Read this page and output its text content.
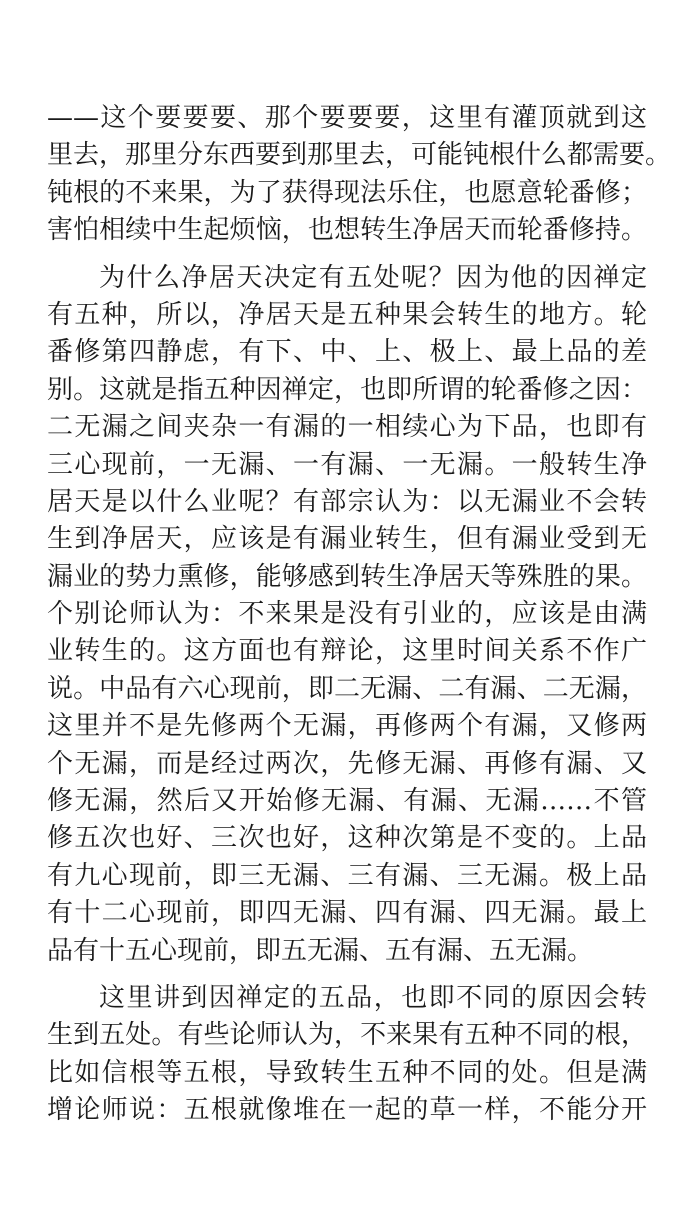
——这个要要要、那个要要要，这里有灌顶就到这
里去，那里分东西要到那里去，可能钝根什么都需要。
钝根的不来果，为了获得现法乐住，也愿意轮番修；
害怕相续中生起烦恼，也想转生净居天而轮番修持。
为什么净居天决定有五处呢？因为他的因禅定
有五种，所以，净居天是五种果会转生的地方。轮
番修第四静虑，有下、中、上、极上、最上品的差
别。这就是指五种因禅定，也即所谓的轮番修之因：
二无漏之间夹杂一有漏的一相续心为下品，也即有
三心现前，一无漏、一有漏、一无漏。一般转生净
居天是以什么业呢？有部宗认为：以无漏业不会转
生到净居天，应该是有漏业转生，但有漏业受到无
漏业的势力熏修，能够感到转生净居天等殊胜的果。
个别论师认为：不来果是没有引业的，应该是由满
业转生的。这方面也有辩论，这里时间关系不作广
说。中品有六心现前，即二无漏、二有漏、二无漏，
这里并不是先修两个无漏，再修两个有漏，又修两
个无漏，而是经过两次，先修无漏、再修有漏、又
修无漏，然后又开始修无漏、有漏、无漏……不管
修五次也好、三次也好，这种次第是不变的。上品
有九心现前，即三无漏、三有漏、三无漏。极上品
有十二心现前，即四无漏、四有漏、四无漏。最上
品有十五心现前，即五无漏、五有漏、五无漏。
这里讲到因禅定的五品，也即不同的原因会转
生到五处。有些论师认为，不来果有五种不同的根，
比如信根等五根，导致转生五种不同的处。但是满
增论师说：五根就像堆在一起的草一样，不能分开
